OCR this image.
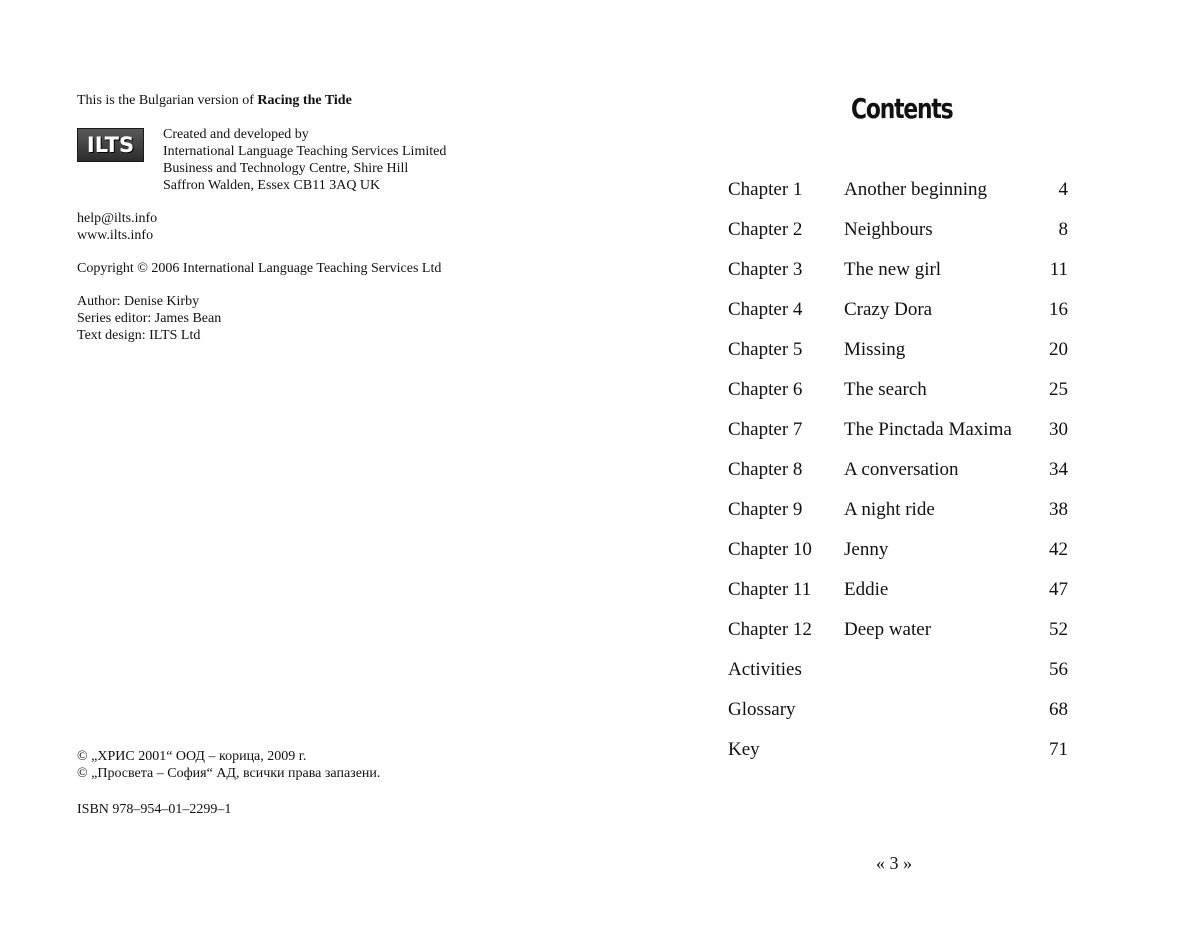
This is the Bulgarian version of Racing the Tide
ILTS Created and developed by
International Language Teaching Services Limited
Business and Technology Centre, Shire Hill
Saffron Walden, Essex CB11 3AQ UK
help@ilts.info
www.ilts.info
Copyright © 2006 International Language Teaching Services Ltd
Author: Denise Kirby
Series editor: James Bean
Text design: ILTS Ltd
© „ХРИС 2001“ ООД – корица, 2009 г.
© „Просвета – София“ АД, всички права запазени.
ISBN 978–954–01–2299–1
Contents
Chapter 1 Another beginning	4
Chapter 2 Neighbours	8
Chapter 3 The new girl	11
Chapter 4 Crazy Dora	16
Chapter 5 Missing	20
Chapter 6 The search	25
Chapter 7 The Pinctada Maxima 30
Chapter 8 A conversation	34
Chapter 9 A night ride	38
Chapter 10 Jenny	42
Chapter 11 Eddie	47
Chapter 12 Deep water	52
Activities	56
Glossary	68
Key	71
« 3 »
